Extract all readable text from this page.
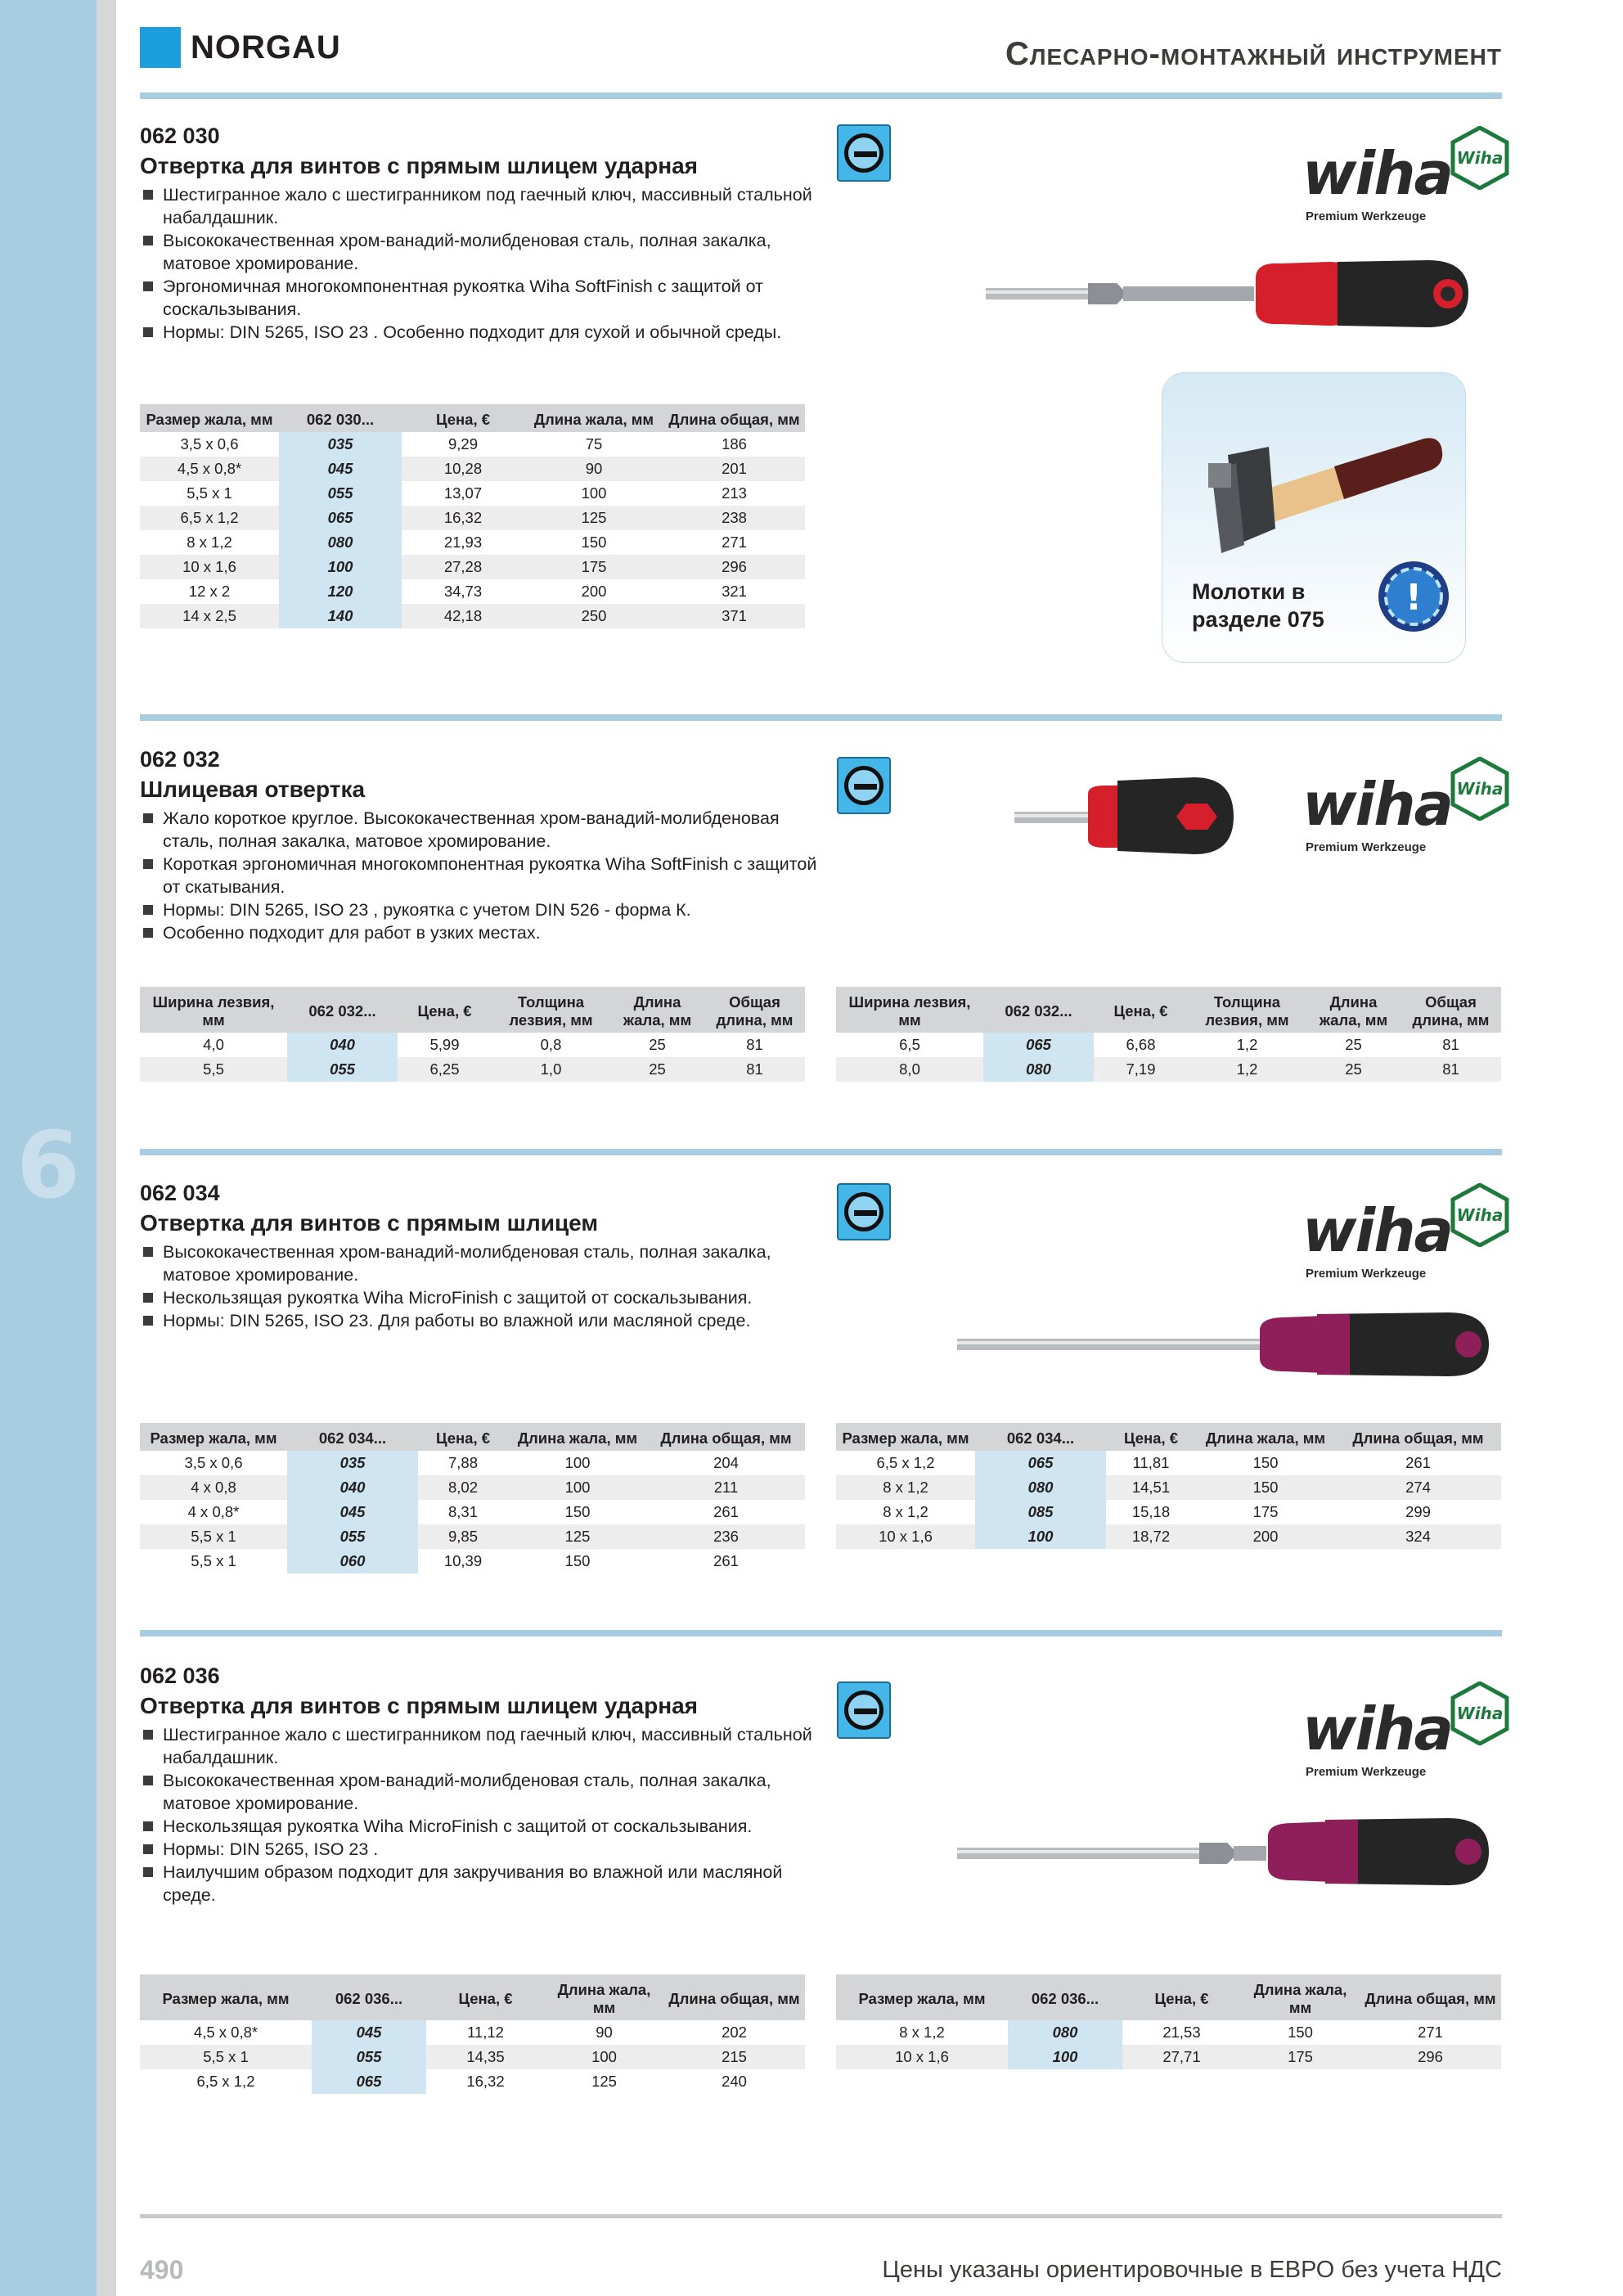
6
NORGAU	Слесарно-монтажный инструмент
062 030
Отвертка для винтов с прямым шлицем ударная
Шестигранное жало с шестигранником под гаечный ключ, массивный стальной набалдашник.
Высококачественная хром-ванадий-молибденовая сталь, полная закалка, матовое хромирование.
Эргономичная многокомпонентная рукоятка Wiha SoftFinish с защитой от соскальзывания.
Нормы: DIN 5265, ISO 23 . Особенно подходит для сухой и обычной среды.
wiha Wiha
Premium Werkzeuge
Размер жала, мм	062 030...	Цена, €	Длина жала, мм	Длина общая, мм
3,5 x 0,6	035	9,29	75	186
4,5 x 0,8*	045	10,28	90	201
5,5 x 1	055	13,07	100	213
6,5 x 1,2	065	16,32	125	238
8 x 1,2	080	21,93	150	271
10 x 1,6	100	27,28	175	296
12 x 2	120	34,73	200	321
14 x 2,5	140	42,18	250	371
Молотки в
разделе 075
!
062 032
Шлицевая отвертка
Жало короткое круглое. Высококачественная хром-ванадий-молибденовая сталь, полная закалка, матовое хромирование.
Короткая эргономичная многокомпонентная рукоятка Wiha SoftFinish с защитой от скатывания.
Нормы: DIN 5265, ISO 23 , рукоятка с учетом DIN 526 - форма К.
Особенно подходит для работ в узких местах.
wiha Wiha
Premium Werkzeuge
Ширина лезвия, мм	062 032...	Цена, €	Толщина лезвия, мм	Длина жала, мм	Общая длина, мм
4,0	040	5,99	0,8	25	81
5,5	055	6,25	1,0	25	81
Ширина лезвия, мм	062 032...	Цена, €	Толщина лезвия, мм	Длина жала, мм	Общая длина, мм
6,5	065	6,68	1,2	25	81
8,0	080	7,19	1,2	25	81
062 034
Отвертка для винтов с прямым шлицем
Высококачественная хром-ванадий-молибденовая сталь, полная закалка, матовое хромирование.
Нескользящая рукоятка Wiha MicroFinish с защитой от соскальзывания.
Нормы: DIN 5265, ISO 23. Для работы во влажной или масляной среде.
wiha Wiha
Premium Werkzeuge
Размер жала, мм	062 034...	Цена, €	Длина жала, мм	Длина общая, мм
3,5 x 0,6	035	7,88	100	204
4 x 0,8	040	8,02	100	211
4 x 0,8*	045	8,31	150	261
5,5 x 1	055	9,85	125	236
5,5 x 1	060	10,39	150	261
Размер жала, мм	062 034...	Цена, €	Длина жала, мм	Длина общая, мм
6,5 x 1,2	065	11,81	150	261
8 x 1,2	080	14,51	150	274
8 x 1,2	085	15,18	175	299
10 x 1,6	100	18,72	200	324
062 036
Отвертка для винтов с прямым шлицем ударная
Шестигранное жало с шестигранником под гаечный ключ, массивный стальной набалдашник.
Высококачественная хром-ванадий-молибденовая сталь, полная закалка, матовое хромирование.
Нескользящая рукоятка Wiha MicroFinish с защитой от соскальзывания.
Нормы: DIN 5265, ISO 23 .
Наилучшим образом подходит для закручивания во влажной или масляной среде.
wiha Wiha
Premium Werkzeuge
Размер жала, мм	062 036...	Цена, €	Длина жала, мм	Длина общая, мм
4,5 x 0,8*	045	11,12	90	202
5,5 x 1	055	14,35	100	215
6,5 x 1,2	065	16,32	125	240
Размер жала, мм	062 036...	Цена, €	Длина жала, мм	Длина общая, мм
8 x 1,2	080	21,53	150	271
10 x 1,6	100	27,71	175	296
490	Цены указаны ориентировочные в ЕВРО без учета НДС
